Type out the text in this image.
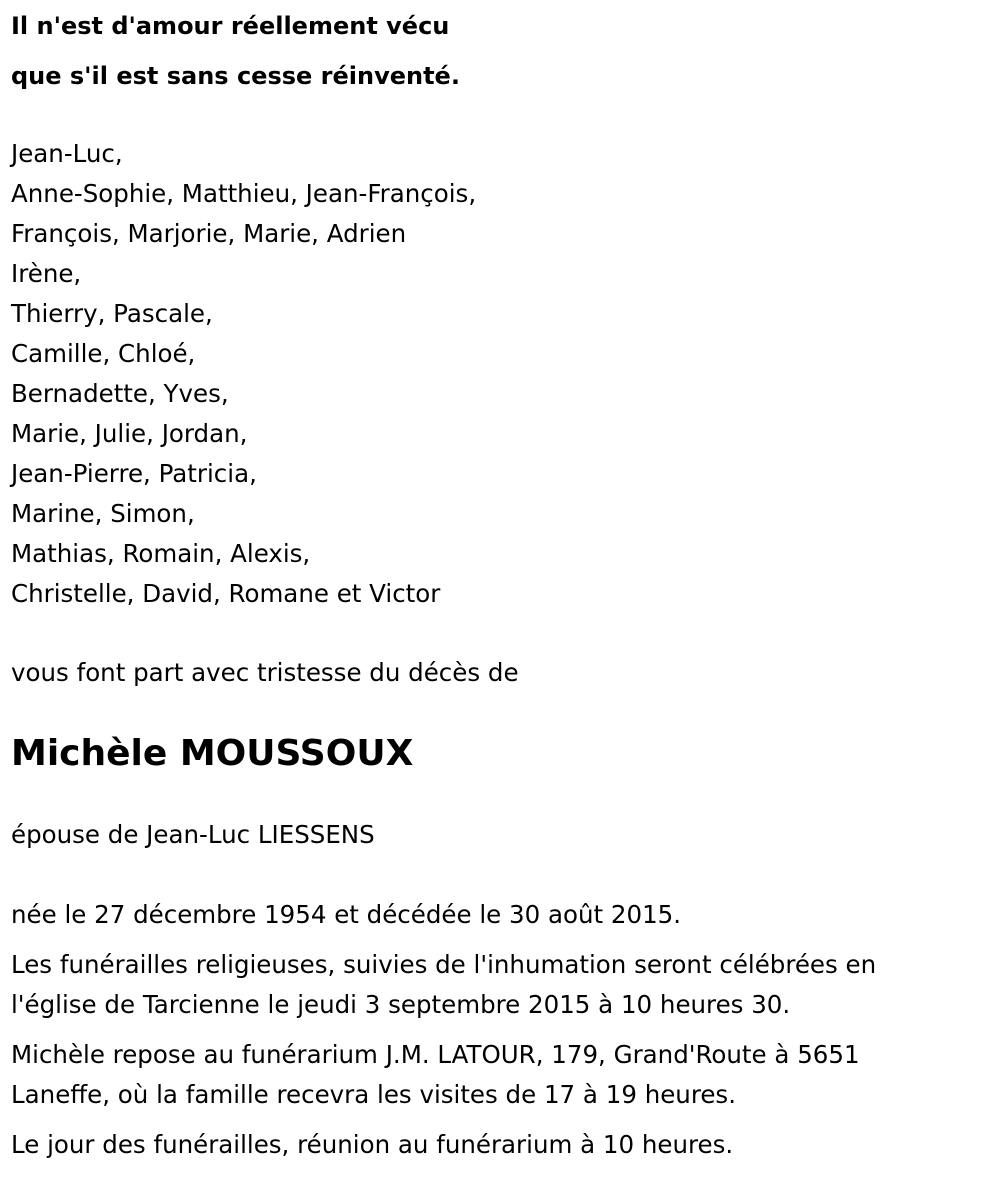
Il n'est d'amour réellement vécu
que s'il est sans cesse réinventé.
Jean-Luc,
Anne-Sophie, Matthieu, Jean-François,
François, Marjorie, Marie, Adrien
Irène,
Thierry, Pascale,
Camille, Chloé,
Bernadette, Yves,
Marie, Julie, Jordan,
Jean-Pierre, Patricia,
Marine, Simon,
Mathias, Romain, Alexis,
Christelle, David, Romane et Victor
vous font part avec tristesse du décès de
Michèle MOUSSOUX
épouse de Jean-Luc LIESSENS
née le 27 décembre 1954 et décédée le 30 août 2015.
Les funérailles religieuses, suivies de l'inhumation seront célébrées en
l'église de Tarcienne le jeudi 3 septembre 2015 à 10 heures 30.
Michèle repose au funérarium J.M. LATOUR, 179, Grand'Route à 5651
Laneffe, où la famille recevra les visites de 17 à 19 heures.
Le jour des funérailles, réunion au funérarium à 10 heures.
